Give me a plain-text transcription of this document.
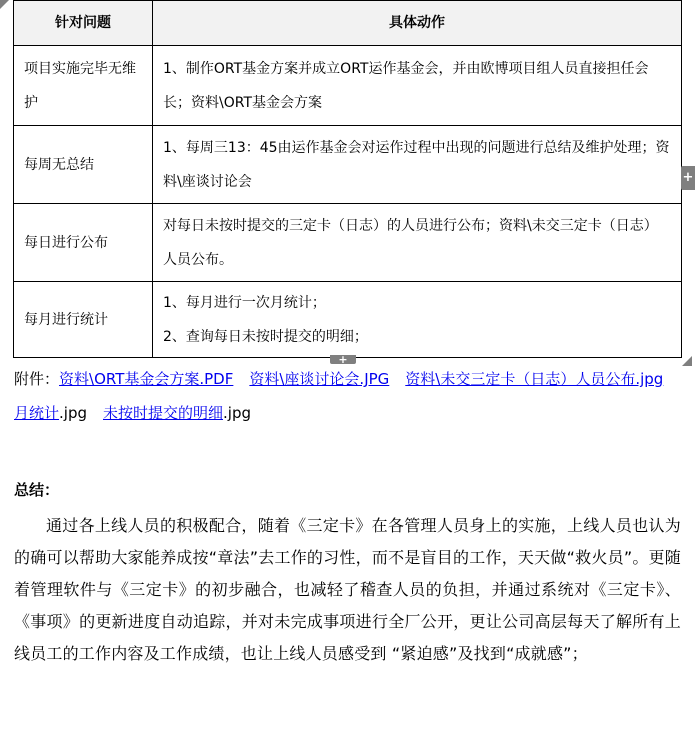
针对问题	具体动作
项目实施完毕无维护	1、制作ORT基金方案并成立ORT运作基金会，并由欧博项目组人员直接担任会长；资料\ORT基金会方案
每周无总结	1、每周三13：45由运作基金会对运作过程中出现的问题进行总结及维护处理；资料\座谈讨论会
每日进行公布	对每日未按时提交的三定卡（日志）的人员进行公布；资料\未交三定卡（日志）人员公布。
每月进行统计	1、每月进行一次月统计；
2、查询每日未按时提交的明细；
+
+
附件：资料\ORT基金会方案.PDF 资料\座谈讨论会.JPG 资料\未交三定卡（日志）人员公布.jpg月统计.jpg 未按时提交的明细.jpg
总结：
通过各上线人员的积极配合，随着《三定卡》在各管理人员身上的实施，上线人员也认为的确可以帮助大家能养成按“章法”去工作的习性，而不是盲目的工作，天天做“救火员”。更随着管理软件与《三定卡》的初步融合，也减轻了稽查人员的负担，并通过系统对《三定卡》、 《事项》的更新进度自动追踪，并对未完成事项进行全厂公开，更让公司高层每天了解所有上线员工的工作内容及工作成绩，也让上线人员感受到 “紧迫感”及找到“成就感”；
